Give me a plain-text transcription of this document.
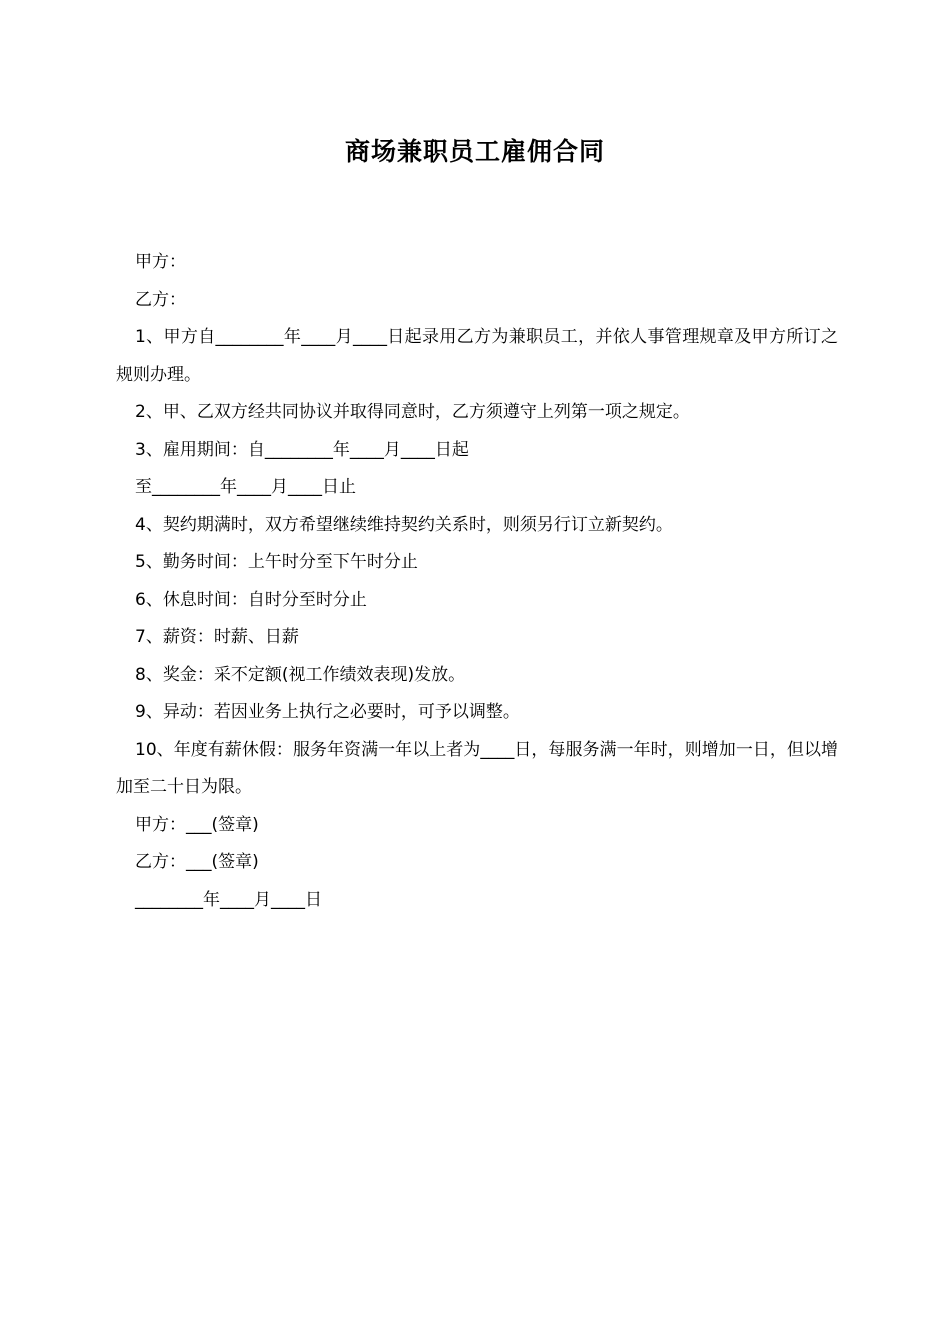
商场兼职员工雇佣合同

甲方：

乙方：

1、甲方自________年____月____日起录用乙方为兼职员工，并依人事管理规章及甲方所订之规则办理。

2、甲、乙双方经共同协议并取得同意时，乙方须遵守上列第一项之规定。

3、雇用期间：自________年____月____日起

至________年____月____日止

4、契约期满时，双方希望继续维持契约关系时，则须另行订立新契约。

5、勤务时间：上午时分至下午时分止

6、休息时间：自时分至时分止

7、薪资：时薪、日薪

8、奖金：采不定额(视工作绩效表现)发放。

9、异动：若因业务上执行之必要时，可予以调整。

10、年度有薪休假：服务年资满一年以上者为____日，每服务满一年时，则增加一日，但以增加至二十日为限。

甲方：___(签章)

乙方：___(签章)

________年____月____日
